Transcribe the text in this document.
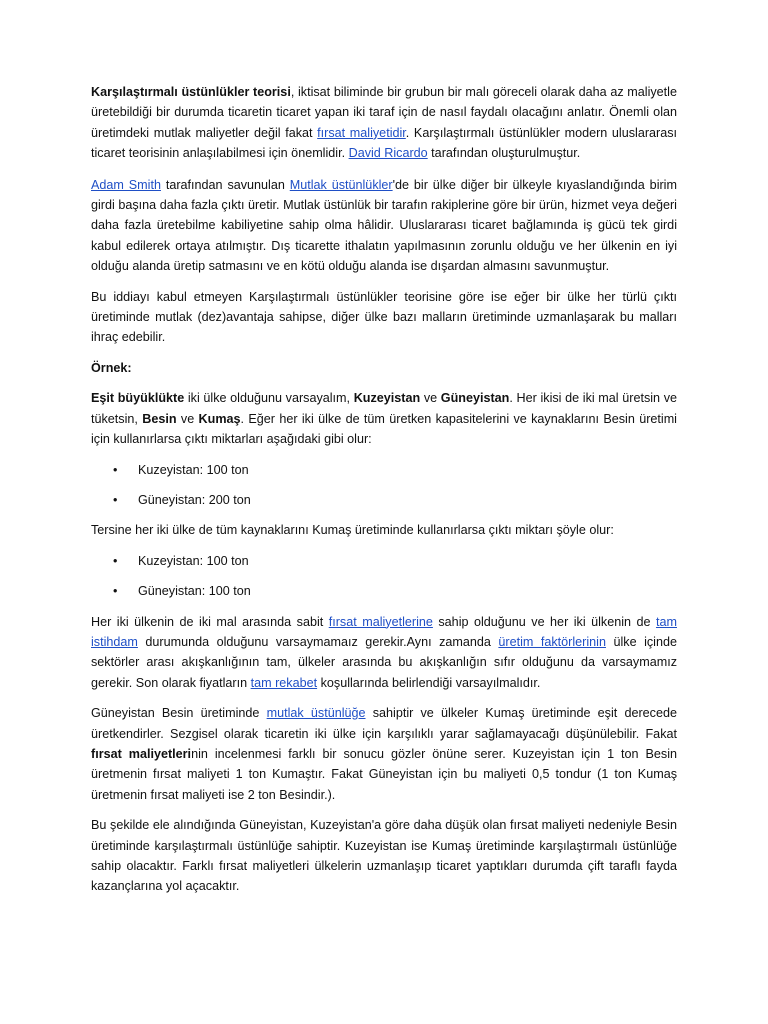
Karşılaştırmalı üstünlükler teorisi, iktisat biliminde bir grubun bir malı göreceli olarak daha az maliyetle üretebildiği bir durumda ticaretin ticaret yapan iki taraf için de nasıl faydalı olacağını anlatır. Önemli olan üretimdeki mutlak maliyetler değil fakat fırsat maliyetidir. Karşılaştırmalı üstünlükler modern uluslararası ticaret teorisinin anlaşılabilmesi için önemlidir. David Ricardo tarafından oluşturulmuştur.

Adam Smith tarafından savunulan Mutlak üstünlükler'de bir ülke diğer bir ülkeyle kıyaslandığında birim girdi başına daha fazla çıktı üretir. Mutlak üstünlük bir tarafın rakiplerine göre bir ürün, hizmet veya değeri daha fazla üretebilme kabiliyetine sahip olma hâlidir. Uluslararası ticaret bağlamında iş gücü tek girdi kabul edilerek ortaya atılmıştır. Dış ticarette ithalatın yapılmasının zorunlu olduğu ve her ülkenin en iyi olduğu alanda üretip satmasını ve en kötü olduğu alanda ise dışardan almasını savunmuştur.

Bu iddiayı kabul etmeyen Karşılaştırmalı üstünlükler teorisine göre ise eğer bir ülke her türlü çıktı üretiminde mutlak (dez)avantaja sahipse, diğer ülke bazı malların üretiminde uzmanlaşarak bu malları ihraç edebilir.

Örnek:

Eşit büyüklükte iki ülke olduğunu varsayalım, Kuzeyistan ve Güneyistan. Her ikisi de iki mal üretsin ve tüketsin, Besin ve Kumaş. Eğer her iki ülke de tüm üretken kapasitelerini ve kaynaklarını Besin üretimi için kullanırlarsa çıktı miktarları aşağıdaki gibi olur:

• Kuzeyistan: 100 ton
• Güneyistan: 200 ton

Tersine her iki ülke de tüm kaynaklarını Kumaş üretiminde kullanırlarsa çıktı miktarı şöyle olur:

• Kuzeyistan: 100 ton
• Güneyistan: 100 ton

Her iki ülkenin de iki mal arasında sabit fırsat maliyetlerine sahip olduğunu ve her iki ülkenin de tam istihdam durumunda olduğunu varsaymamaız gerekir.Aynı zamanda üretim faktörlerinin ülke içinde sektörler arası akışkanlığının tam, ülkeler arasında bu akışkanlığın sıfır olduğunu da varsaymamız gerekir. Son olarak fiyatların tam rekabet koşullarında belirlendiği varsayılmalıdır.

Güneyistan Besin üretiminde mutlak üstünlüğe sahiptir ve ülkeler Kumaş üretiminde eşit derecede üretkendirler. Sezgisel olarak ticaretin iki ülke için karşılıklı yarar sağlamayacağı düşünülebilir. Fakat fırsat maliyetlerinin incelenmesi farklı bir sonucu gözler önüne serer. Kuzeyistan için 1 ton Besin üretmenin fırsat maliyeti 1 ton Kumaştır. Fakat Güneyistan için bu maliyeti 0,5 tondur (1 ton Kumaş üretmenin fırsat maliyeti ise 2 ton Besindir.).

Bu şekilde ele alındığında Güneyistan, Kuzeyistan'a göre daha düşük olan fırsat maliyeti nedeniyle Besin üretiminde karşılaştırmalı üstünlüğe sahiptir. Kuzeyistan ise Kumaş üretiminde karşılaştırmalı üstünlüğe sahip olacaktır. Farklı fırsat maliyetleri ülkelerin uzmanlaşıp ticaret yaptıkları durumda çift taraflı fayda kazançlarına yol açacaktır.
